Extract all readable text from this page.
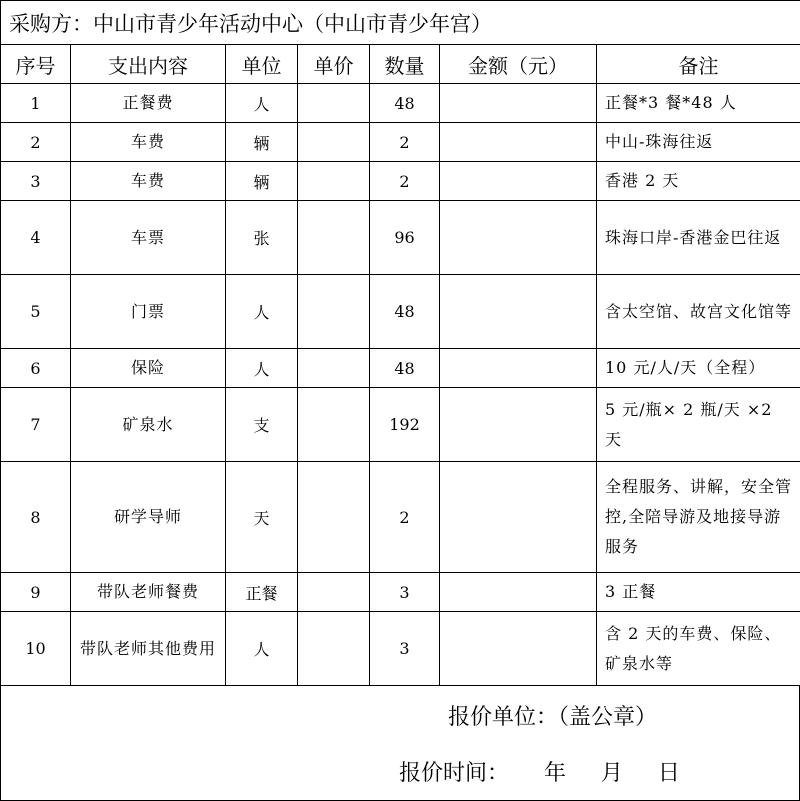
采购方：中山市青少年活动中心（中山市青少年宫）						
序号	支出内容	单位	单价	数量	金额（元）	备注
1	正餐费	人		48		正餐*3 餐*48 人
2	车费	辆		2		中山-珠海往返
3	车费	辆		2		香港 2 天
4	车票	张		96		珠海口岸-香港金巴往返
5	门票	人		48		含太空馆、故宫文化馆等
6	保险	人		48		10 元/人/天（全程）
7	矿泉水	支		192		5 元/瓶× 2 瓶/天 ×2 天
8	研学导师	天		2		全程服务、讲解，安全管控,全陪导游及地接导游服务
9	带队老师餐费	正餐		3		3 正餐
10	带队老师其他费用	人		3		含 2 天的车费、保险、矿泉水等
报价单位：（盖公章）
报价时间：     年     月     日
